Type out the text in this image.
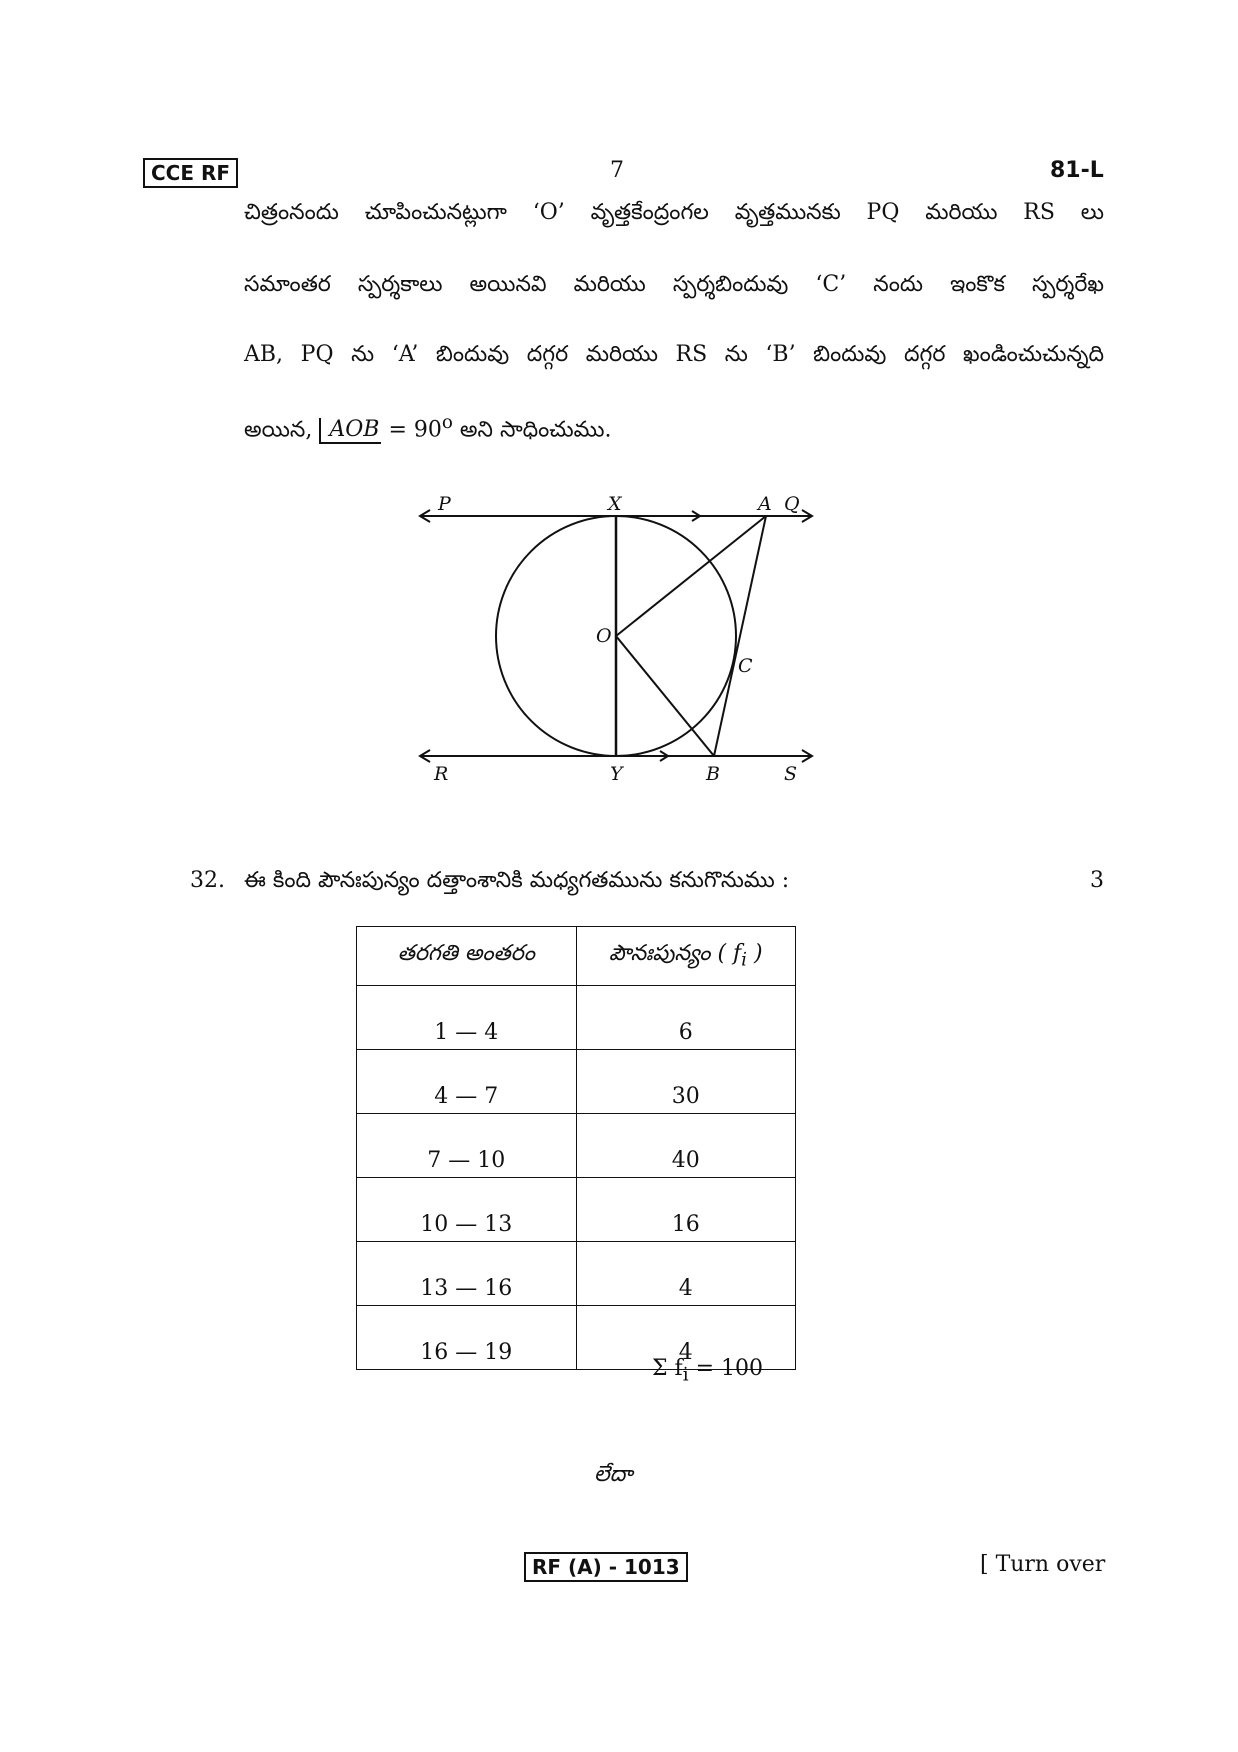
CCE RF	7	81-L
చిత్రంనందు చూపించునట్లుగా ‘O’ వృత్తకేంద్రంగల వృత్తమునకు PQ మరియు RS లు
సమాంతర స్పర్శకాలు అయినవి మరియు స్పర్శబిందువు ‘C’ నందు ఇంకొక స్పర్శరేఖ
AB, PQ ను ‘A’ బిందువు దగ్గర మరియు RS ను ‘B’ బిందువు దగ్గర ఖండించుచున్నది
అయిన, AOB = $90^o$ అని సాధించుము.
P	X	A Q
O
C
R	Y	B	S
32. ఈ కింది పౌనఃపున్యం దత్తాంశానికి మధ్యగతమును కనుగొనుము :	3
తరగతి అంతరం	పౌనఃపున్యం ( $f_i$ )
1 — 4	6
4 — 7	30
7 — 10	40
10 — 13	16
13 — 16	4
16 — 19	4
Σ $f_i = 100$
లేదా
RF (A) - 1013	[ Turn over
